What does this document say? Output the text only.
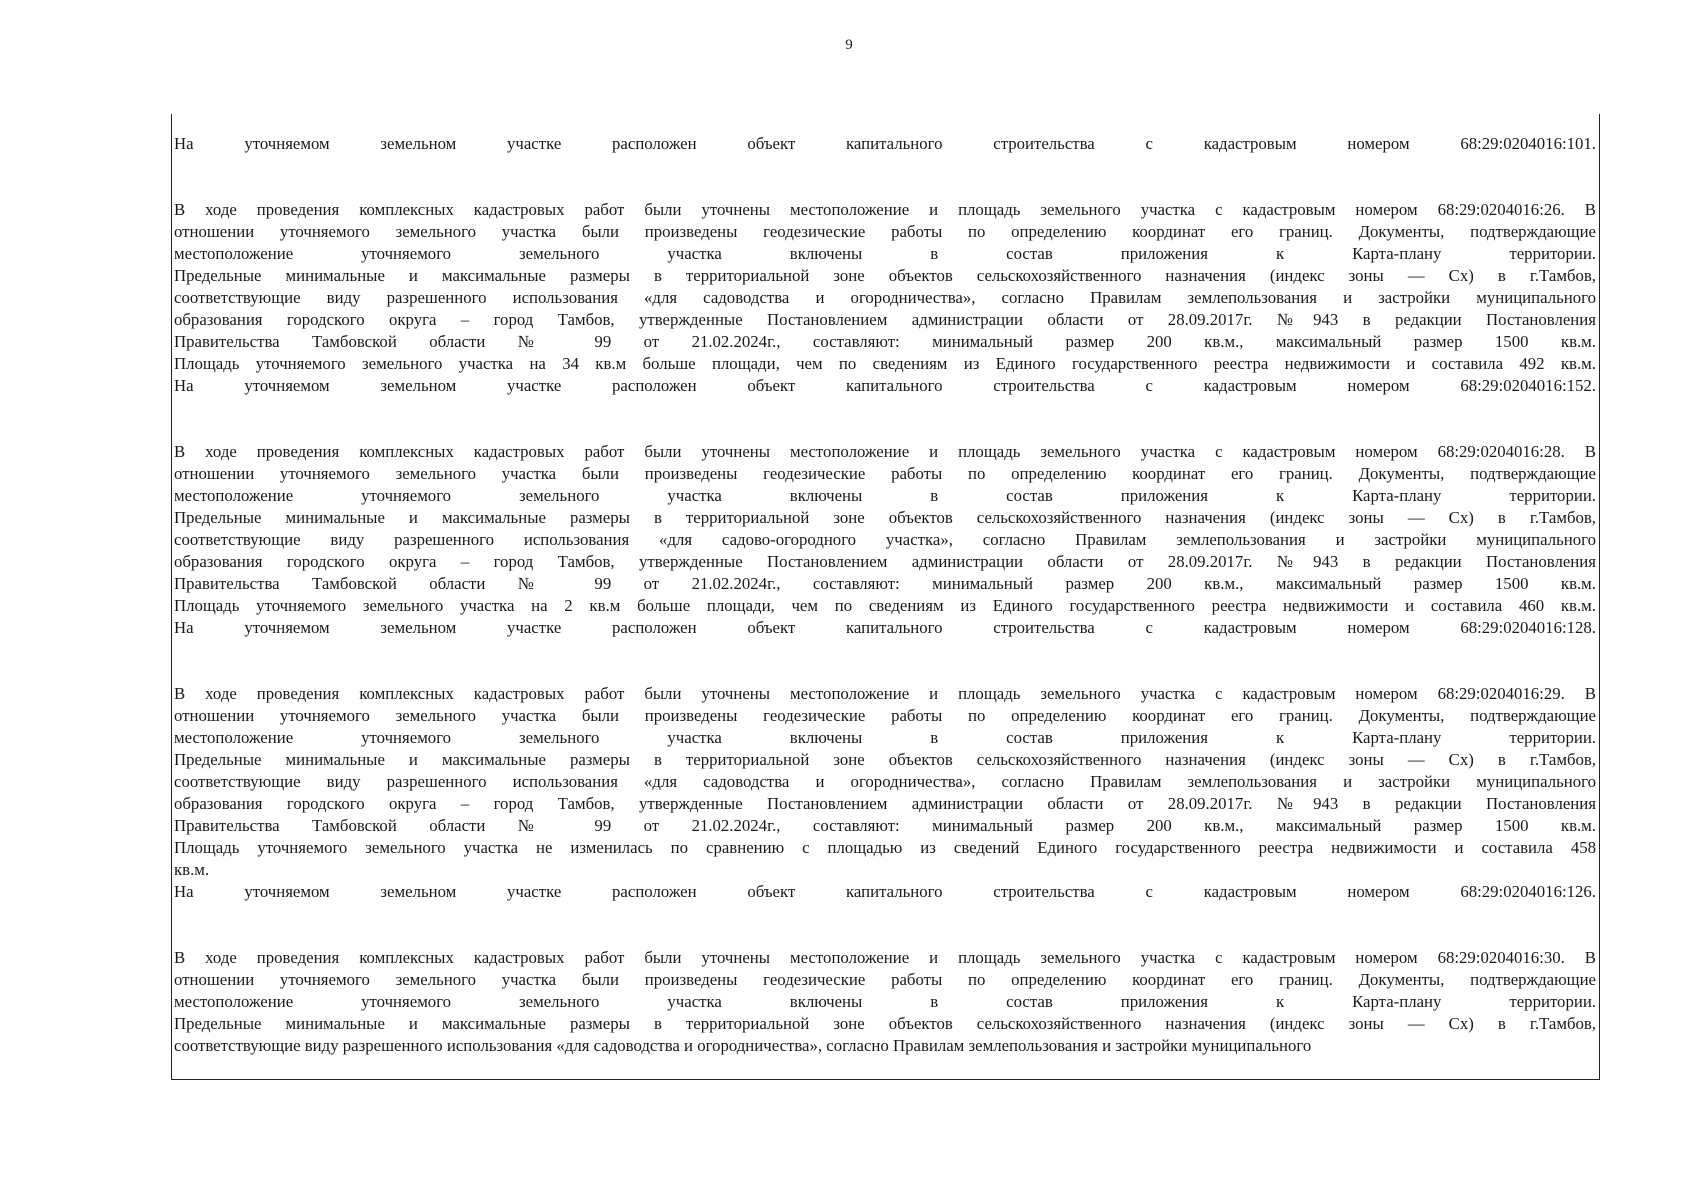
9
На уточняемом земельном участке расположен объект капитального строительства с кадастровым номером 68:29:0204016:101.
В ходе проведения комплексных кадастровых работ были уточнены местоположение и площадь земельного участка с кадастровым номером 68:29:0204016:26. В
отношении уточняемого земельного участка были произведены геодезические работы по определению координат его границ. Документы, подтверждающие
местоположение уточняемого земельного участка включены в состав приложения к Карта-плану территории.
Предельные минимальные и максимальные размеры в территориальной зоне объектов сельскохозяйственного назначения (индекс зоны — Сх) в г.Тамбов,
соответствующие виду разрешенного использования «для садоводства и огородничества», согласно Правилам землепользования и застройки муниципального
образования городского округа – город Тамбов, утвержденные Постановлением администрации области от 28.09.2017г. №943 в редакции Постановления
Правительства Тамбовской области № 99 от 21.02.2024г., составляют: минимальный размер 200 кв.м., максимальный размер 1500 кв.м.
Площадь уточняемого земельного участка на 34 кв.м больше площади, чем по сведениям из Единого государственного реестра недвижимости и составила 492 кв.м.
На уточняемом земельном участке расположен объект капитального строительства с кадастровым номером 68:29:0204016:152.
В ходе проведения комплексных кадастровых работ были уточнены местоположение и площадь земельного участка с кадастровым номером 68:29:0204016:28. В
отношении уточняемого земельного участка были произведены геодезические работы по определению координат его границ. Документы, подтверждающие
местоположение уточняемого земельного участка включены в состав приложения к Карта-плану территории.
Предельные минимальные и максимальные размеры в территориальной зоне объектов сельскохозяйственного назначения (индекс зоны — Сх) в г.Тамбов,
соответствующие виду разрешенного использования «для садово-огородного участка», согласно Правилам землепользования и застройки муниципального
образования городского округа – город Тамбов, утвержденные Постановлением администрации области от 28.09.2017г. №943 в редакции Постановления
Правительства Тамбовской области № 99 от 21.02.2024г., составляют: минимальный размер 200 кв.м., максимальный размер 1500 кв.м.
Площадь уточняемого земельного участка на 2 кв.м больше площади, чем по сведениям из Единого государственного реестра недвижимости и составила 460 кв.м.
На уточняемом земельном участке расположен объект капитального строительства с кадастровым номером 68:29:0204016:128.
В ходе проведения комплексных кадастровых работ были уточнены местоположение и площадь земельного участка с кадастровым номером 68:29:0204016:29. В
отношении уточняемого земельного участка были произведены геодезические работы по определению координат его границ. Документы, подтверждающие
местоположение уточняемого земельного участка включены в состав приложения к Карта-плану территории.
Предельные минимальные и максимальные размеры в территориальной зоне объектов сельскохозяйственного назначения (индекс зоны — Сх) в г.Тамбов,
соответствующие виду разрешенного использования «для садоводства и огородничества», согласно Правилам землепользования и застройки муниципального
образования городского округа – город Тамбов, утвержденные Постановлением администрации области от 28.09.2017г. №943 в редакции Постановления
Правительства Тамбовской области № 99 от 21.02.2024г., составляют: минимальный размер 200 кв.м., максимальный размер 1500 кв.м.
Площадь уточняемого земельного участка не изменилась по сравнению с площадью из сведений Единого государственного реестра недвижимости и составила 458
кв.м.
На уточняемом земельном участке расположен объект капитального строительства с кадастровым номером 68:29:0204016:126.
В ходе проведения комплексных кадастровых работ были уточнены местоположение и площадь земельного участка с кадастровым номером 68:29:0204016:30. В
отношении уточняемого земельного участка были произведены геодезические работы по определению координат его границ. Документы, подтверждающие
местоположение уточняемого земельного участка включены в состав приложения к Карта-плану территории.
Предельные минимальные и максимальные размеры в территориальной зоне объектов сельскохозяйственного назначения (индекс зоны — Сх) в г.Тамбов,
соответствующие виду разрешенного использования «для садоводства и огородничества», согласно Правилам землепользования и застройки муниципального
